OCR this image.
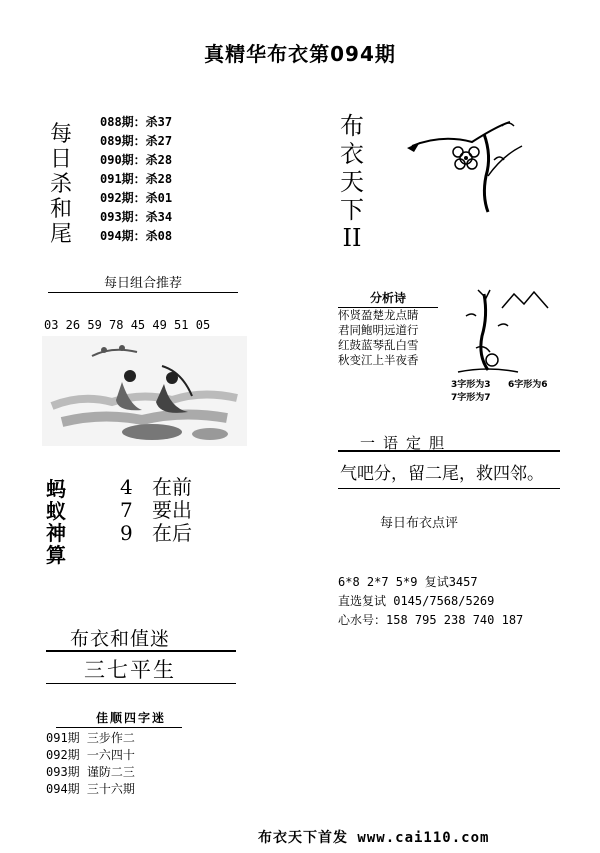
真精华布衣第094期
每
日
杀
和
尾
088期：杀37
089期：杀27
090期：杀28
091期：杀28
092期：杀01
093期：杀34
094期：杀08
布
衣
天
下
II
每日组合推荐

03 26 59 78 45 49 51 05

分析诗
怀贤盈楚龙点睛
君同鲍明远道行
红鼓蓝琴乱白雪
秋变江上半夜香
3字形为3 6字形为6
7字形为7
一语定胆
气吧分，留二尾，救四邻。
蚂
蚁
神
算
4 在前
7 要出
9 在后	每日布衣点评
6*8 2*7 5*9 复试3457
直选复试 0145/7568/5269
心水号：158 795 238 740 187
布衣和值迷
三七平生
佳顺四字迷
091期 三步作二
092期 一六四十
093期 谨防二三
094期 三十六期
布衣天下首发 www.cai110.com
